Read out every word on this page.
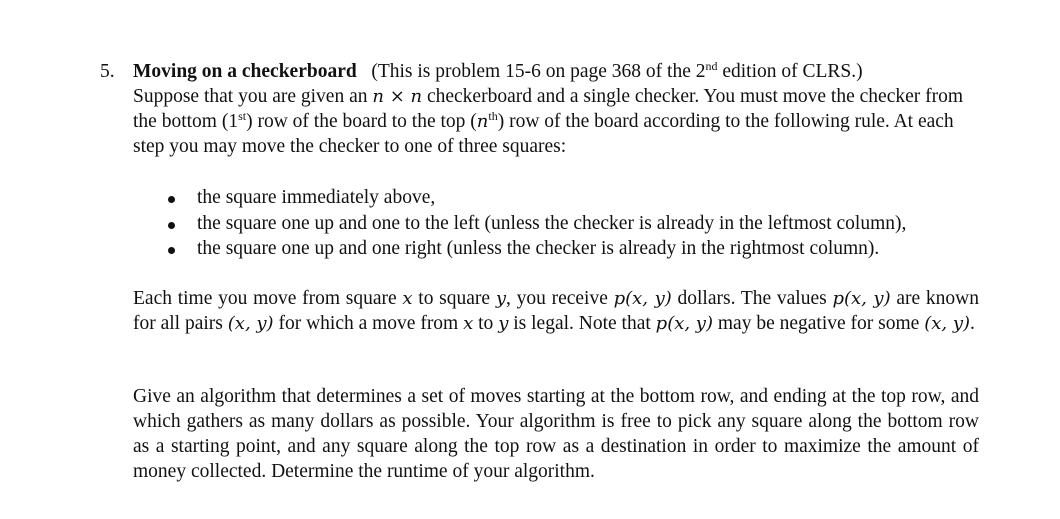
5. Moving on a checkerboard (This is problem 15-6 on page 368 of the 2nd edition of CLRS.)
Suppose that you are given an n × n checkerboard and a single checker. You must move the checker from the bottom (1st) row of the board to the top $(n^{th})$ row of the board according to the following rule. At each step you may move the checker to one of three squares:

the square immediately above,
the square one up and one to the left (unless the checker is already in the leftmost column),
the square one up and one right (unless the checker is already in the rightmost column).

Each time you move from square x to square y, you receive p(x, y) dollars. The values p(x, y) are known for all pairs (x, y) for which a move from x to y is legal. Note that p(x, y) may be negative for some (x, y).

Give an algorithm that determines a set of moves starting at the bottom row, and ending at the top row, and which gathers as many dollars as possible. Your algorithm is free to pick any square along the bottom row as a starting point, and any square along the top row as a destination in order to maximize the amount of money collected. Determine the runtime of your algorithm.
